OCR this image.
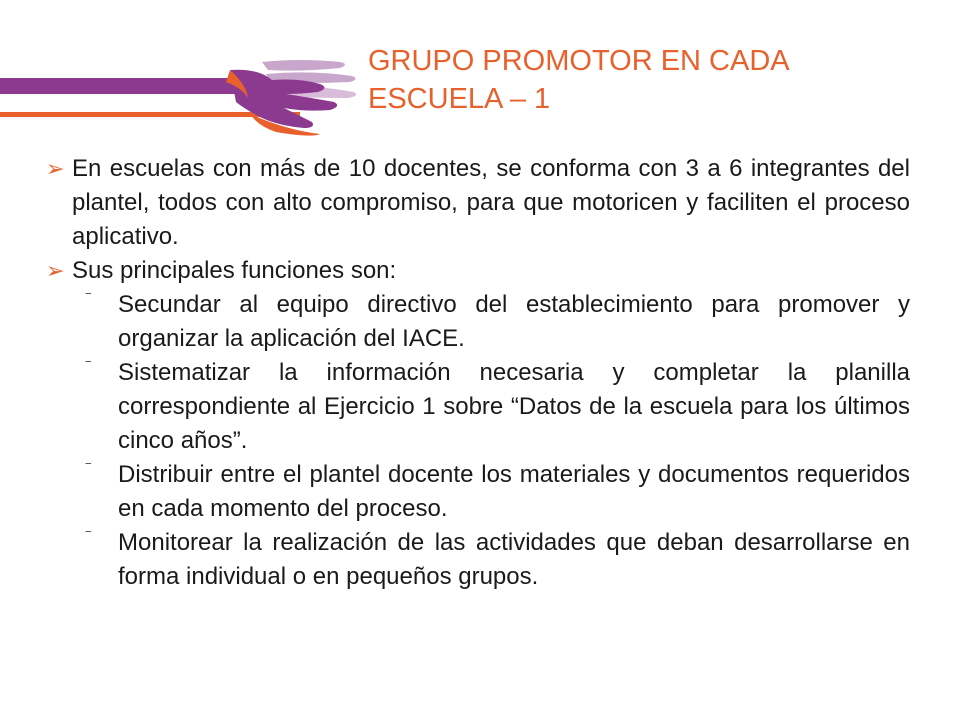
GRUPO PROMOTOR EN CADA
ESCUELA – 1

➢ En escuelas con más de 10 docentes, se conforma con 3 a 6 integrantes del plantel, todos con alto compromiso, para que motoricen y faciliten el proceso aplicativo.

➢ Sus principales funciones son:

‾ Secundar al equipo directivo del establecimiento para promover y organizar la aplicación del IACE.
‾ Sistematizar la información necesaria y completar la planilla correspondiente al Ejercicio 1 sobre “Datos de la escuela para los últimos cinco años”.
‾ Distribuir entre el plantel docente los materiales y documentos requeridos en cada momento del proceso.
‾ Monitorear la realización de las actividades que deban desarrollarse en forma individual o en pequeños grupos.
